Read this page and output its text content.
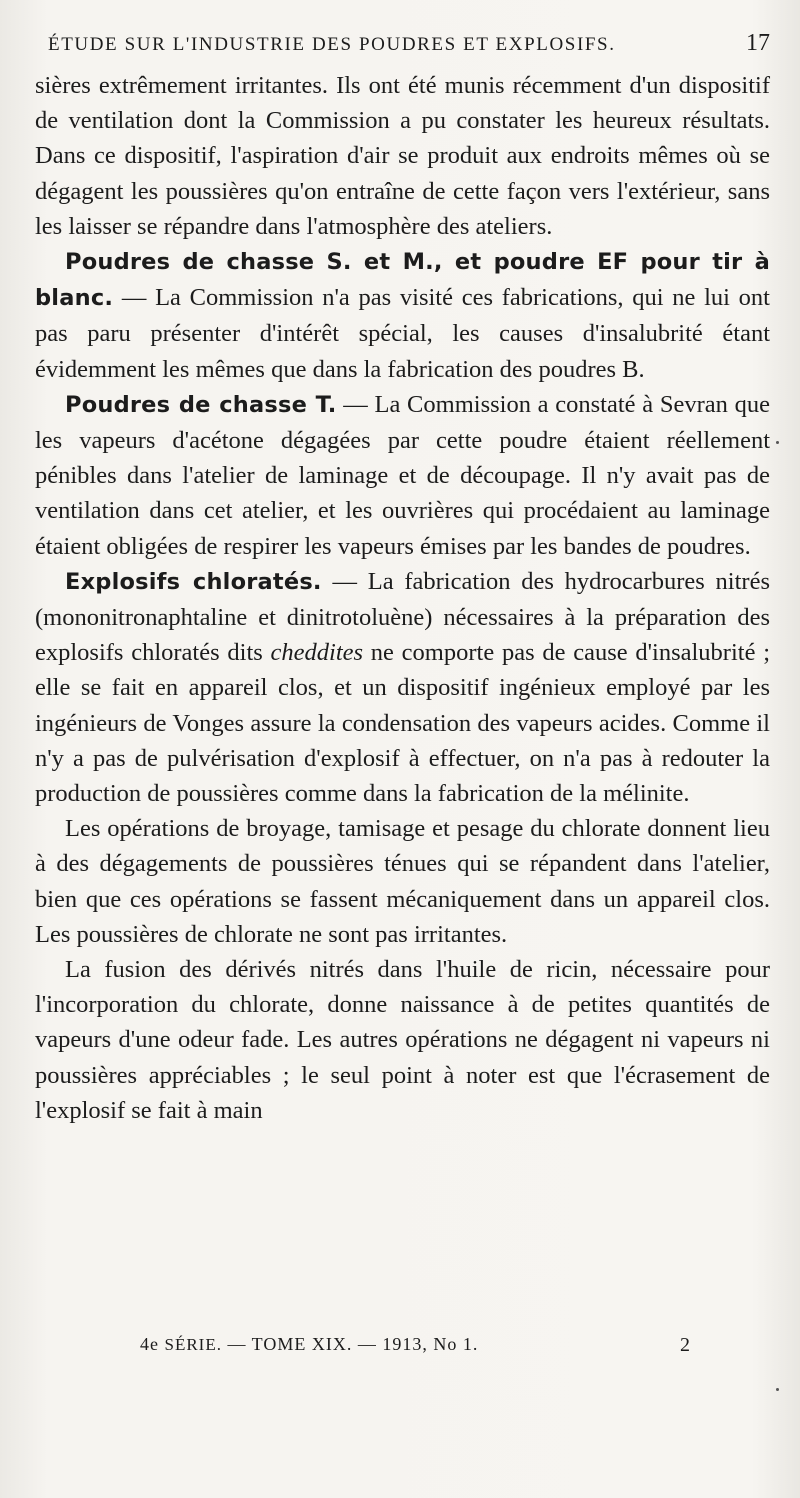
ÉTUDE SUR L'INDUSTRIE DES POUDRES ET EXPLOSIFS.	17

sières extrêmement irritantes. Ils ont été munis récemment d'un dispositif de ventilation dont la Commission a pu constater les heureux résultats. Dans ce dispositif, l'aspiration d'air se produit aux endroits mêmes où se dégagent les poussières qu'on entraîne de cette façon vers l'extérieur, sans les laisser se répandre dans l'atmosphère des ateliers.

Poudres de chasse S. et M., et poudre EF pour tir à blanc. — La Commission n'a pas visité ces fabrications, qui ne lui ont pas paru présenter d'intérêt spécial, les causes d'insalubrité étant évidemment les mêmes que dans la fabrication des poudres B.

Poudres de chasse T. — La Commission a constaté à Sevran que les vapeurs d'acétone dégagées par cette poudre étaient réellement pénibles dans l'atelier de laminage et de découpage. Il n'y avait pas de ventilation dans cet atelier, et les ouvrières qui procédaient au laminage étaient obligées de respirer les vapeurs émises par les bandes de poudres.

Explosifs chloratés. — La fabrication des hydrocarbures nitrés (mononitronaphtaline et dinitrotoluène) nécessaires à la préparation des explosifs chloratés dits cheddites ne comporte pas de cause d'insalubrité ; elle se fait en appareil clos, et un dispositif ingénieux employé par les ingénieurs de Vonges assure la condensation des vapeurs acides. Comme il n'y a pas de pulvérisation d'explosif à effectuer, on n'a pas à redouter la production de poussières comme dans la fabrication de la mélinite.

Les opérations de broyage, tamisage et pesage du chlorate donnent lieu à des dégagements de poussières ténues qui se répandent dans l'atelier, bien que ces opérations se fassent mécaniquement dans un appareil clos. Les poussières de chlorate ne sont pas irritantes.

La fusion des dérivés nitrés dans l'huile de ricin, nécessaire pour l'incorporation du chlorate, donne naissance à de petites quantités de vapeurs d'une odeur fade. Les autres opérations ne dégagent ni vapeurs ni poussières appréciables ; le seul point à noter est que l'écrasement de l'explosif se fait à main

4e SÉRIE. — TOME XIX. — 1913, No 1.	2
